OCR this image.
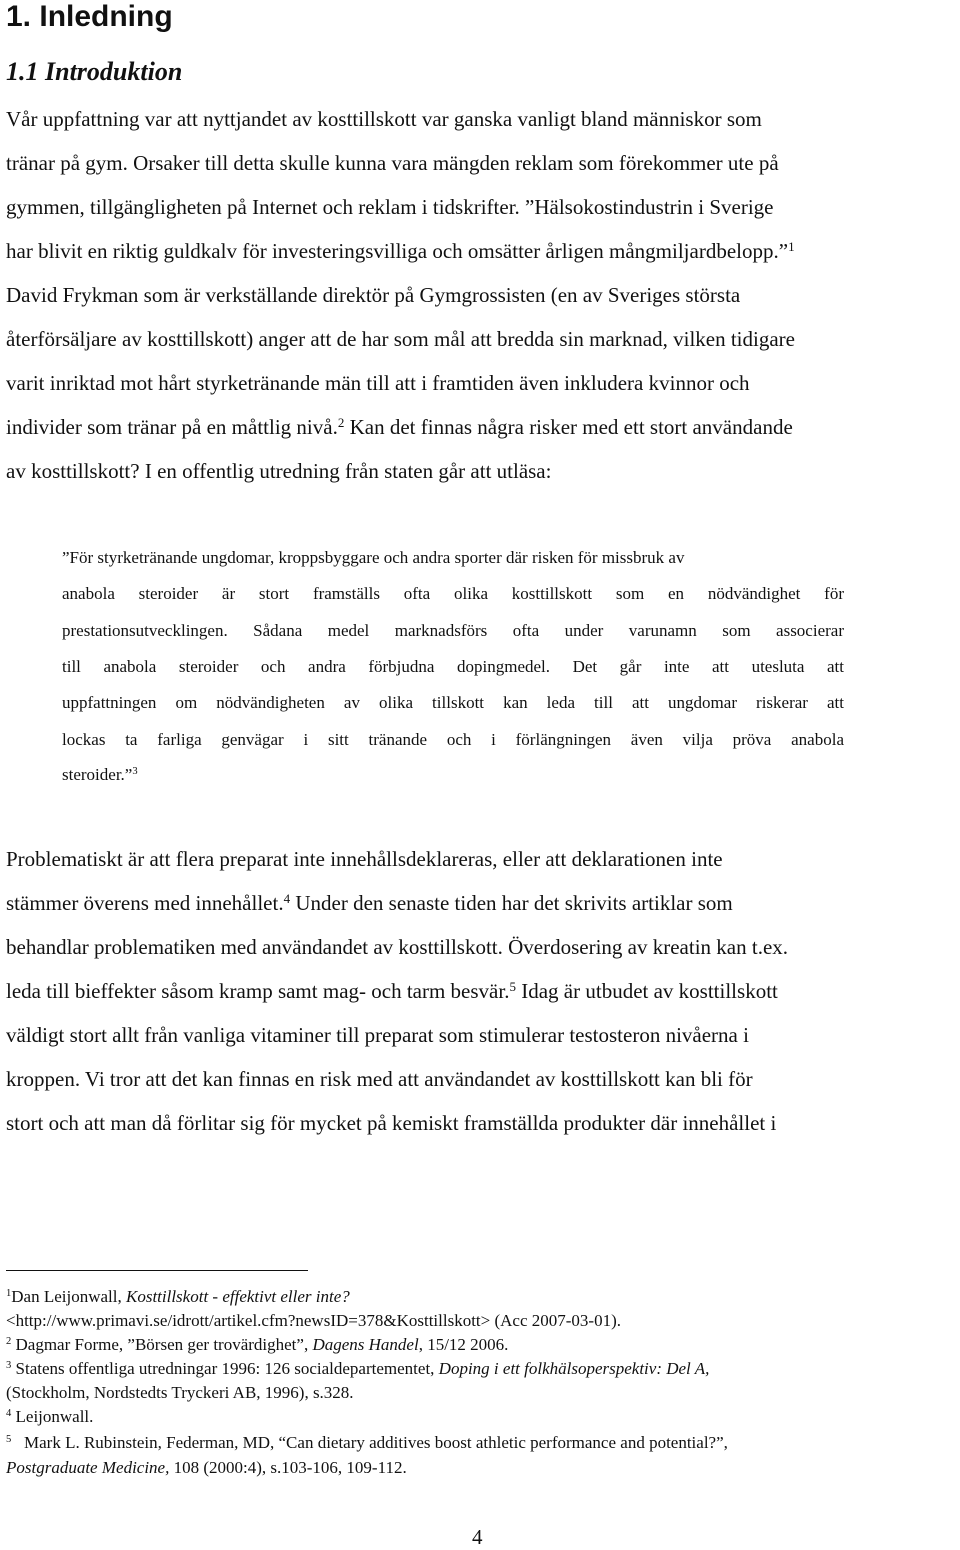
1. Inledning
1.1 Introduktion
Vår uppfattning var att nyttjandet av kosttillskott var ganska vanligt bland människor som
tränar på gym. Orsaker till detta skulle kunna vara mängden reklam som förekommer ute på
gymmen, tillgängligheten på Internet och reklam i tidskrifter. ”Hälsokostindustrin i Sverige
har blivit en riktig guldkalv för investeringsvilliga och omsätter årligen mångmiljardbelopp.”$^1$
David Frykman som är verkställande direktör på Gymgrossisten (en av Sveriges största
återförsäljare av kosttillskott) anger att de har som mål att bredda sin marknad, vilken tidigare
varit inriktad mot hårt styrketränande män till att i framtiden även inkludera kvinnor och
individer som tränar på en måttlig nivå.$^2$ Kan det finnas några risker med ett stort användande
av kosttillskott? I en offentlig utredning från staten går att utläsa:
”För styrketränande ungdomar, kroppsbyggare och andra sporter där risken för missbruk av
anabola steroider är stort framställs ofta olika kosttillskott som en nödvändighet för
prestationsutvecklingen. Sådana medel marknadsförs ofta under varunamn som associerar
till anabola steroider och andra förbjudna dopingmedel. Det går inte att utesluta att
uppfattningen om nödvändigheten av olika tillskott kan leda till att ungdomar riskerar att
lockas ta farliga genvägar i sitt tränande och i förlängningen även vilja pröva anabola
steroider.”$^3$
Problematiskt är att flera preparat inte innehållsdeklareras, eller att deklarationen inte
stämmer överens med innehållet.$^4$ Under den senaste tiden har det skrivits artiklar som
behandlar problematiken med användandet av kosttillskott. Överdosering av kreatin kan t.ex.
leda till bieffekter såsom kramp samt mag- och tarm besvär.$^5$ Idag är utbudet av kosttillskott
väldigt stort allt från vanliga vitaminer till preparat som stimulerar testosteron nivåerna i
kroppen. Vi tror att det kan finnas en risk med att användandet av kosttillskott kan bli för
stort och att man då förlitar sig för mycket på kemiskt framställda produkter där innehållet i
$^1$Dan Leijonwall, Kosttillskott - effektivt eller inte?
<http://www.primavi.se/idrott/artikel.cfm?newsID=378&Kosttillskott> (Acc 2007-03-01).
$^2$ Dagmar Forme, ”Börsen ger trovärdighet”, Dagens Handel, 15/12 2006.
$^3$ Statens offentliga utredningar 1996: 126 socialdepartementet, Doping i ett folkhälsoperspektiv: Del A,
(Stockholm, Nordstedts Tryckeri AB, 1996), s.328.
$^4$ Leijonwall.
$^5$ Mark L. Rubinstein, Federman, MD, “Can dietary additives boost athletic performance and potential?”,
Postgraduate Medicine, 108 (2000:4), s.103-106, 109-112.
4
